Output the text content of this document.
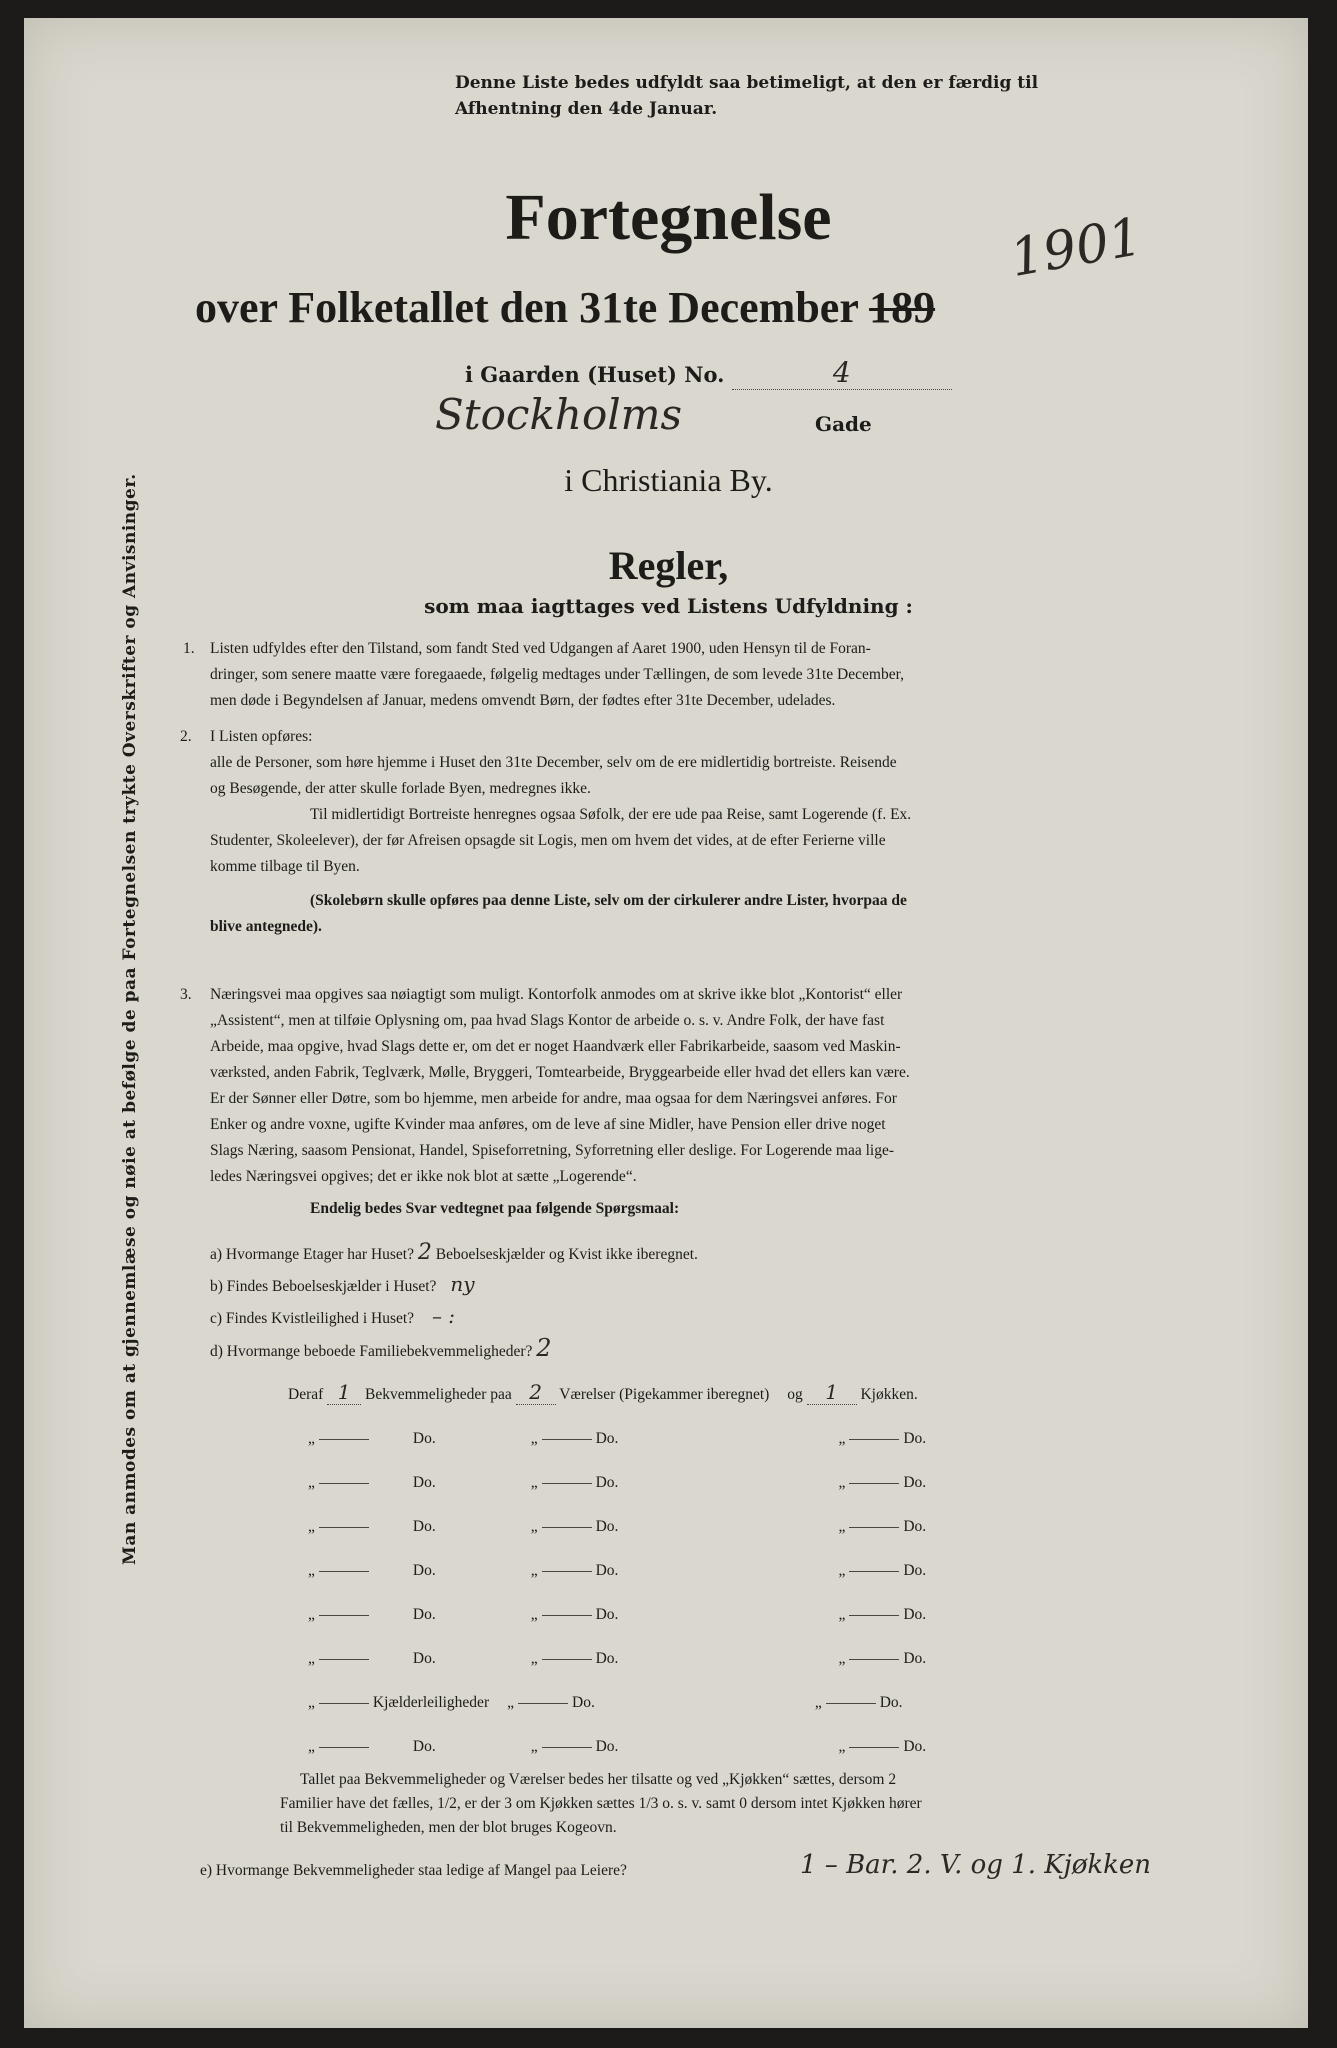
Denne Liste bedes udfyldt saa betimeligt, at den er færdig til Afhentning den 4de Januar.
Fortegnelse
over Folketallet den 31te December 189
1901
i Gaarden (Huset) No.	4
Stockholms	Gade
i Christiania By.
Regler,
som maa iagttages ved Listens Udfyldning :
1. Listen udfyldes efter den Tilstand, som fandt Sted ved Udgangen af Aaret 1900, uden Hensyn til de Foran-
dringer, som senere maatte være foregaaede, følgelig medtages under Tællingen, de som levede 31te December,
men døde i Begyndelsen af Januar, medens omvendt Børn, der fødtes efter 31te December, udelades.
2. I Listen opføres:
alle de Personer, som høre hjemme i Huset den 31te December, selv om de ere midlertidig bortreiste. Reisende
og Besøgende, der atter skulle forlade Byen, medregnes ikke.
Til midlertidigt Bortreiste henregnes ogsaa Søfolk, der ere ude paa Reise, samt Logerende (f. Ex.
Studenter, Skoleelever), der før Afreisen opsagde sit Logis, men om hvem det vides, at de efter Ferierne ville
komme tilbage til Byen.
(Skolebørn skulle opføres paa denne Liste, selv om der cirkulerer andre Lister, hvorpaa de
blive antegnede).
3. Næringsvei maa opgives saa nøiagtigt som muligt. Kontorfolk anmodes om at skrive ikke blot „Kontorist“ eller
„Assistent“, men at tilføie Oplysning om, paa hvad Slags Kontor de arbeide o. s. v. Andre Folk, der have fast
Arbeide, maa opgive, hvad Slags dette er, om det er noget Haandværk eller Fabrikarbeide, saasom ved Maskin-
værksted, anden Fabrik, Teglværk, Mølle, Bryggeri, Tomtearbeide, Bryggearbeide eller hvad det ellers kan være.
Er der Sønner eller Døtre, som bo hjemme, men arbeide for andre, maa ogsaa for dem Næringsvei anføres. For
Enker og andre voxne, ugifte Kvinder maa anføres, om de leve af sine Midler, have Pension eller drive noget
Slags Næring, saasom Pensionat, Handel, Spiseforretning, Syforretning eller deslige. For Logerende maa lige-
ledes Næringsvei opgives; det er ikke nok blot at sætte „Logerende“.
Endelig bedes Svar vedtegnet paa følgende Spørgsmaal:
a) Hvormange Etager har Huset? 2 Beboelseskjælder og Kvist ikke iberegnet.
b) Findes Beboelseskjælder i Huset? ny
c) Findes Kvistleilighed i Huset? – :
d) Hvormange beboede Familiebekvemmeligheder? 2
Deraf 1 Bekvemmeligheder paa 2 Værelser (Pigekammer iberegnet) og 1 Kjøkken.
„	Do.	„	Do.	„	Do.
„	Do.	„	Do.	„	Do.
„	Do.	„	Do.	„	Do.
„	Do.	„	Do.	„	Do.
„	Do.	„	Do.	„	Do.
„	Do.	„	Do.	„	Do.
„	Kjælderleiligheder „	Do.	„	Do.
„	Do.	„	Do.	„	Do.
Tallet paa Bekvemmeligheder og Værelser bedes her tilsatte og ved „Kjøkken“ sættes, dersom 2
Familier have det fælles, 1/2, er der 3 om Kjøkken sættes 1/3 o. s. v. samt 0 dersom intet Kjøkken hører
til Bekvemmeligheden, men der blot bruges Kogeovn.
e) Hvormange Bekvemmeligheder staa ledige af Mangel paa Leiere?	1 – Bar. 2. V. og 1. Kjøkken
Man anmodes om at gjennemlæse og nøie at befølge de paa Fortegnelsen trykte Overskrifter og Anvisninger.
